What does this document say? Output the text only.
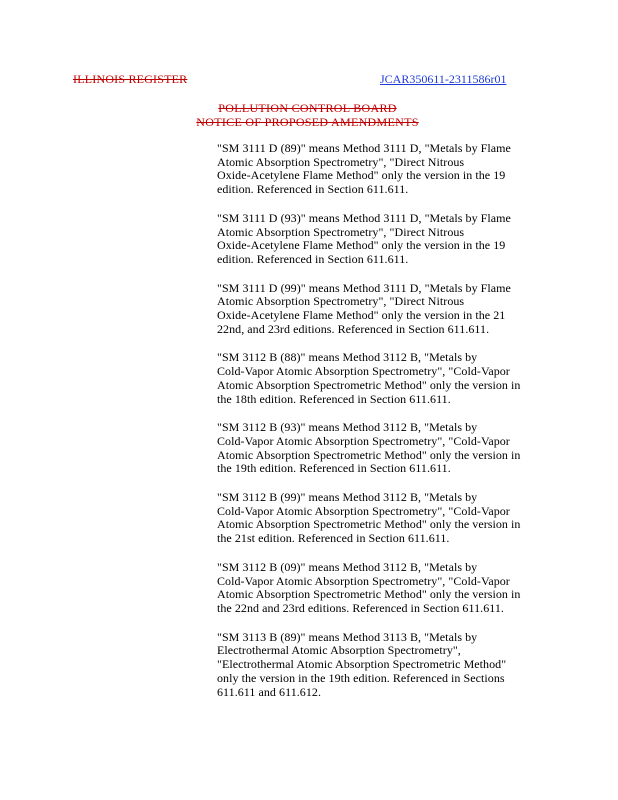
ILLINOIS REGISTER	JCAR350611-2311586r01
POLLUTION CONTROL BOARD
NOTICE OF PROPOSED AMENDMENTS

"SM 3111 D (89)" means Method 3111 D, "Metals by Flame

Atomic Absorption Spectrometry", "Direct Nitrous

Oxide-Acetylene Flame Method" only the version in the 19

edition. Referenced in Section 611.611.

"SM 3111 D (93)" means Method 3111 D, "Metals by Flame

Atomic Absorption Spectrometry", "Direct Nitrous

Oxide-Acetylene Flame Method" only the version in the 19

edition. Referenced in Section 611.611.

"SM 3111 D (99)" means Method 3111 D, "Metals by Flame

Atomic Absorption Spectrometry", "Direct Nitrous

Oxide-Acetylene Flame Method" only the version in the 21

22nd, and 23rd editions. Referenced in Section 611.611.

"SM 3112 B (88)" means Method 3112 B, "Metals by

Cold-Vapor Atomic Absorption Spectrometry", "Cold-Vapor

Atomic Absorption Spectrometric Method" only the version in

the 18th edition. Referenced in Section 611.611.

"SM 3112 B (93)" means Method 3112 B, "Metals by

Cold-Vapor Atomic Absorption Spectrometry", "Cold-Vapor

Atomic Absorption Spectrometric Method" only the version in

the 19th edition. Referenced in Section 611.611.

"SM 3112 B (99)" means Method 3112 B, "Metals by

Cold-Vapor Atomic Absorption Spectrometry", "Cold-Vapor

Atomic Absorption Spectrometric Method" only the version in

the 21st edition. Referenced in Section 611.611.

"SM 3112 B (09)" means Method 3112 B, "Metals by

Cold-Vapor Atomic Absorption Spectrometry", "Cold-Vapor

Atomic Absorption Spectrometric Method" only the version in

the 22nd and 23rd editions. Referenced in Section 611.611.

"SM 3113 B (89)" means Method 3113 B, "Metals by

Electrothermal Atomic Absorption Spectrometry",

"Electrothermal Atomic Absorption Spectrometric Method"

only the version in the 19th edition. Referenced in Sections

611.611 and 611.612.
